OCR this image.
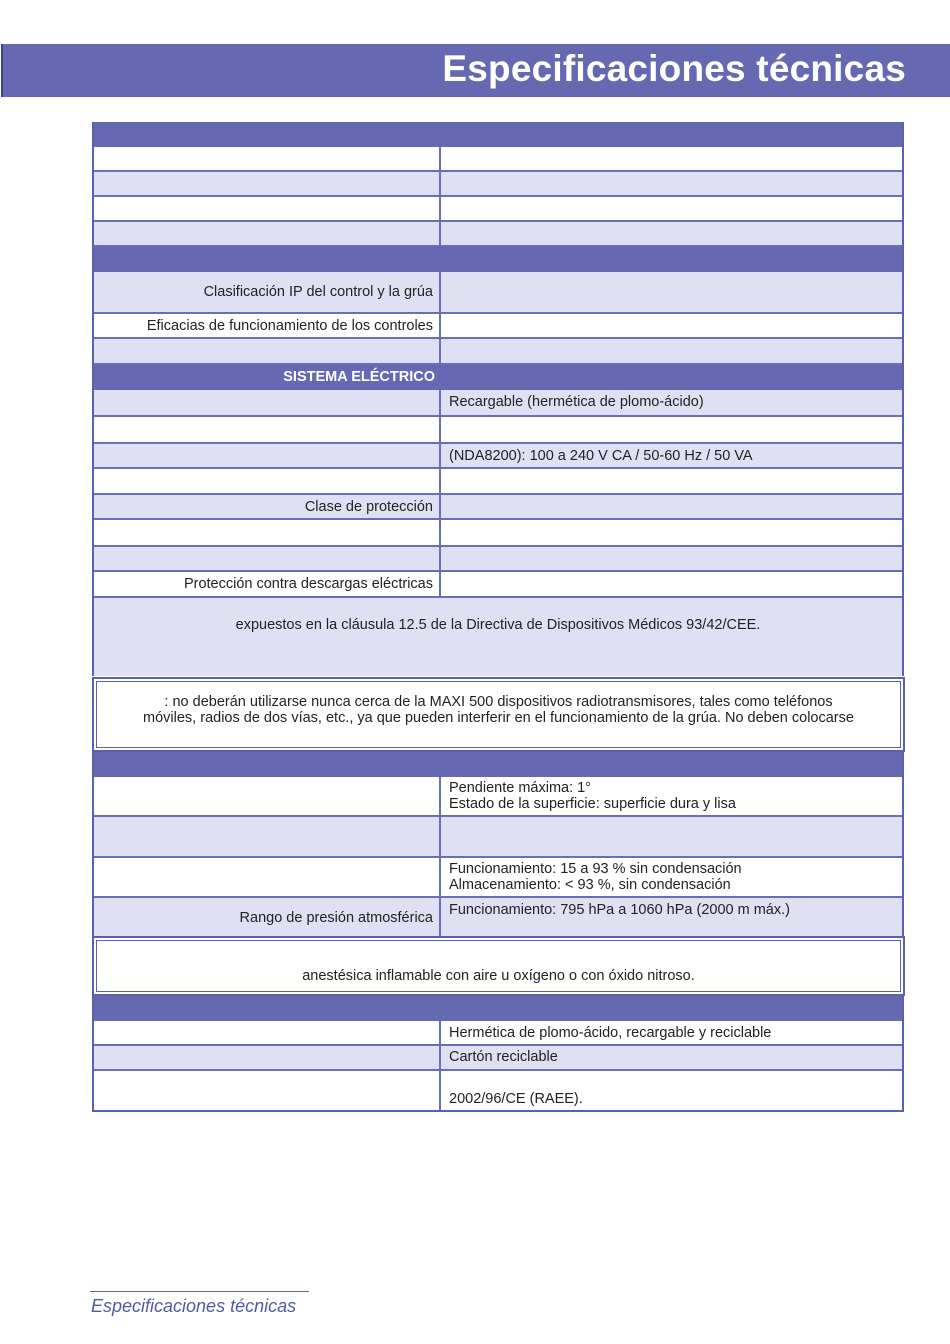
Especificaciones técnicas
Clasificación IP del control y la grúa
Eficacias de funcionamiento de los controles
SISTEMA ELÉCTRICO
Recargable (hermética de plomo-ácido)
(NDA8200): 100 a 240 V CA / 50-60 Hz / 50 VA
Clase de protección
Protección contra descargas eléctricas
expuestos en la cláusula 12.5 de la Directiva de Dispositivos Médicos 93/42/CEE.
: no deberán utilizarse nunca cerca de la MAXI 500 dispositivos radiotransmisores, tales como teléfonos
móviles, radios de dos vías, etc., ya que pueden interferir en el funcionamiento de la grúa. No deben colocarse
Pendiente máxima: 1°
Estado de la superficie: superficie dura y lisa
Funcionamiento: 15 a 93 % sin condensación
Almacenamiento: < 93 %, sin condensación
Rango de presión atmosférica	Funcionamiento: 795 hPa a 1060 hPa (2000 m máx.)
anestésica inflamable con aire u oxígeno o con óxido nitroso.
Hermética de plomo-ácido, recargable y reciclable
Cartón reciclable
2002/96/CE (RAEE).
Especificaciones técnicas
